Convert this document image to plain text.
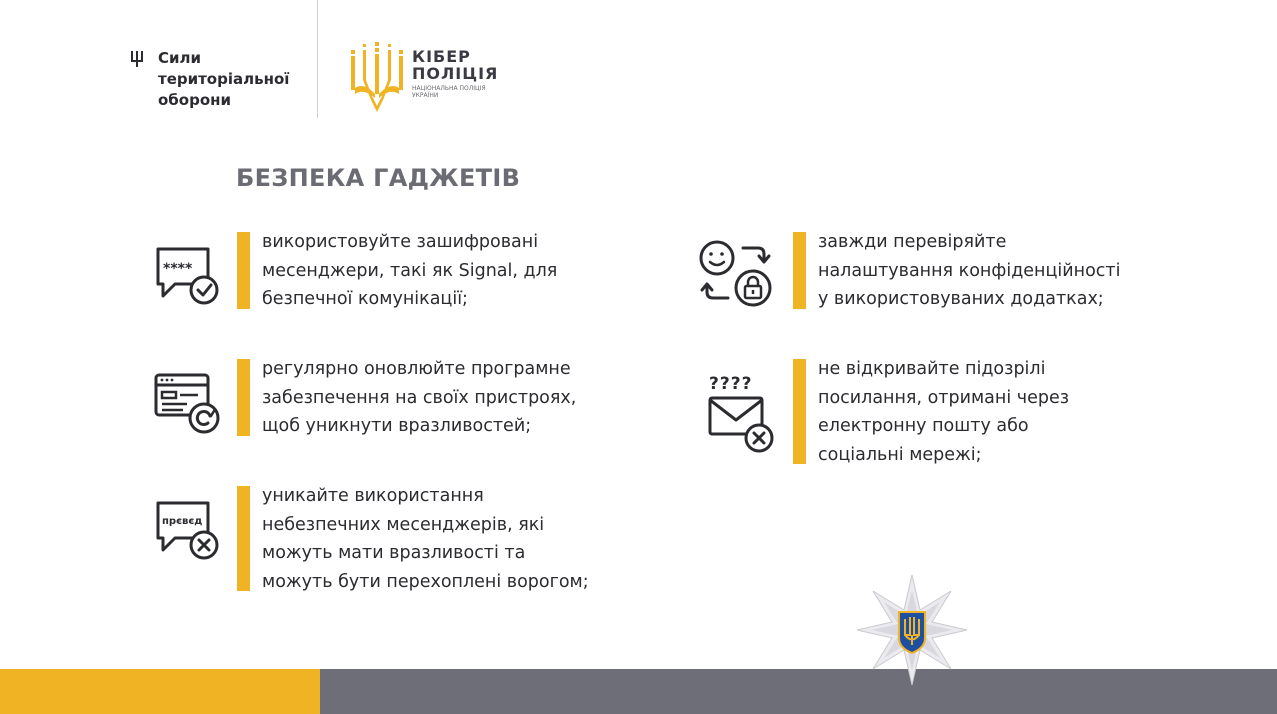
Сили
територіальної
оборони
КІБЕР
ПОЛІЦІЯ
НАЦІОНАЛЬНА ПОЛІЦІЯ
УКРАЇНИ
БЕЗПЕКА ГАДЖЕТІВ
використовуйте зашифровані
месенджери, такі як Signal, для
безпечної комунікації;
****
регулярно оновлюйте програмне
забезпечення на своїх пристроях,
щоб уникнути вразливостей;
уникайте використання
небезпечних месенджерів, які
можуть мати вразливості та
можуть бути перехоплені ворогом;
прєвєд
завжди перевіряйте
налаштування конфіденційності
у використовуваних додатках;
не відкривайте підозрілі
посилання, отримані через
електронну пошту або
соціальні мережі;
????
